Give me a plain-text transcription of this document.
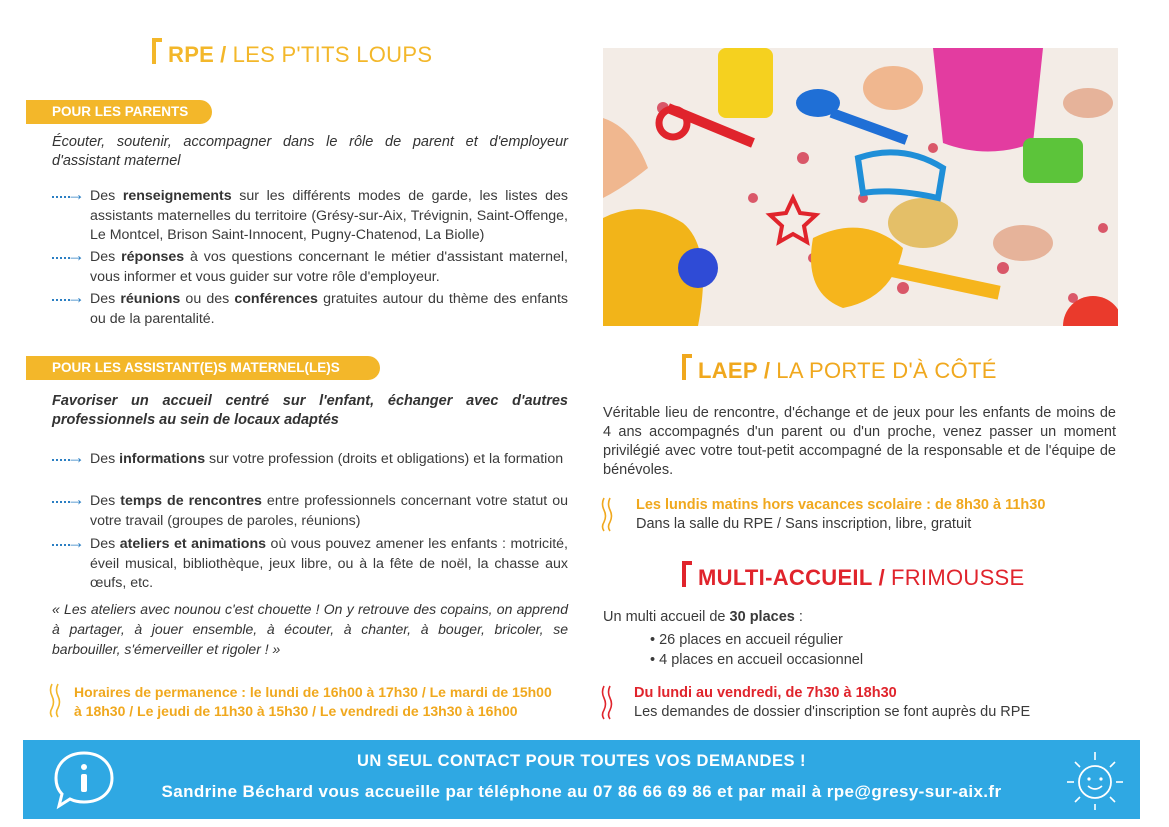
RPE / LES P'TITS LOUPS
POUR LES PARENTS
Écouter, soutenir, accompagner dans le rôle de parent et d'employeur d'assistant maternel
→ Des renseignements sur les différents modes de garde, les listes des assistants maternelles du territoire (Grésy-sur-Aix, Trévignin, Saint-Offenge, Le Montcel, Brison Saint-Innocent, Pugny-Chatenod, La Biolle)
→ Des réponses à vos questions concernant le métier d'assistant maternel, vous informer et vous guider sur votre rôle d'employeur.
→ Des réunions ou des conférences gratuites autour du thème des enfants ou de la parentalité.
POUR LES ASSISTANT(E)S MATERNEL(LE)S
Favoriser un accueil centré sur l'enfant, échanger avec d'autres professionnels au sein de locaux adaptés
→ Des informations sur votre profession (droits et obligations) et la formation
→ Des temps de rencontres entre professionnels concernant votre statut ou votre travail (groupes de paroles, réunions)
→ Des ateliers et animations où vous pouvez amener les enfants : motricité, éveil musical, bibliothèque, jeux libre, ou à la fête de noël, la chasse aux œufs, etc.
« Les ateliers avec nounou c'est chouette ! On y retrouve des copains, on apprend à partager, à jouer ensemble, à écouter, à chanter, à bouger, bricoler, se barbouiller, s'émerveiller et rigoler ! »
Horaires de permanence : le lundi de 16h00 à 17h30 / Le mardi de 15h00
à 18h30 / Le jeudi de 11h30 à 15h30 / Le vendredi de 13h30 à 16h00
LAEP / LA PORTE D'À CÔTÉ
Véritable lieu de rencontre, d'échange et de jeux pour les enfants de moins de 4 ans accompagnés d'un parent ou d'un proche, venez passer un moment privilégié avec votre tout-petit accompagné de la responsable et de l'équipe de bénévoles.
Les lundis matins hors vacances scolaire : de 8h30 à 11h30
Dans la salle du RPE / Sans inscription, libre, gratuit
MULTI-ACCUEIL / FRIMOUSSE
Un multi accueil de 30 places :
• 26 places en accueil régulier
• 4 places en accueil occasionnel
Du lundi au vendredi, de 7h30 à 18h30
Les demandes de dossier d'inscription se font auprès du RPE
UN SEUL CONTACT POUR TOUTES VOS DEMANDES !
Sandrine Béchard vous accueille par téléphone au 07 86 66 69 86 et par mail à rpe@gresy-sur-aix.fr
